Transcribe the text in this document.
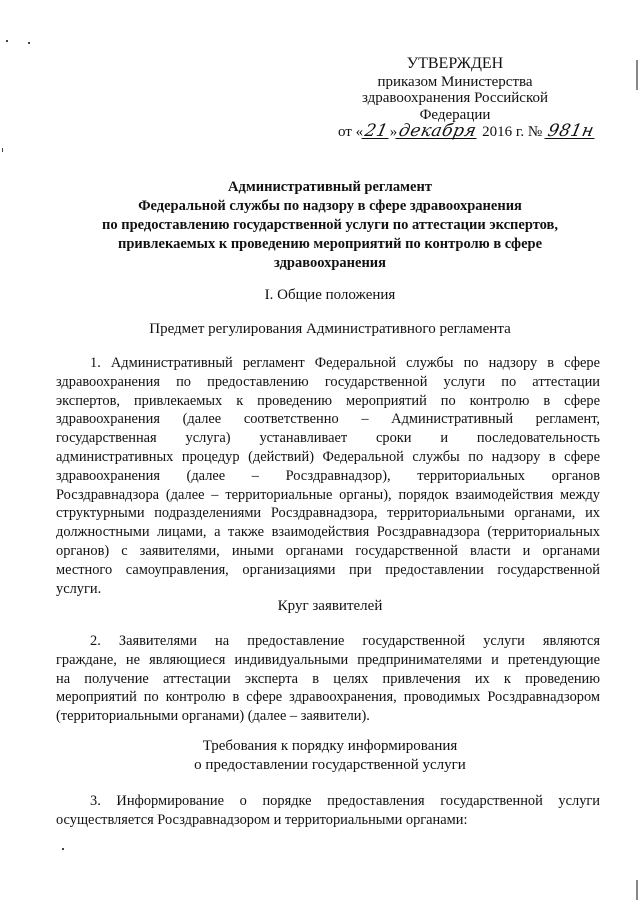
УТВЕРЖДЕН
приказом Министерства
здравоохранения Российской
Федерации
от «21»декабря 2016 г. № 981н
Административный регламент
Федеральной службы по надзору в сфере здравоохранения
по предоставлению государственной услуги по аттестации экспертов,
привлекаемых к проведению мероприятий по контролю в сфере
здравоохранения
I. Общие положения
Предмет регулирования Административного регламента
1. Административный регламент Федеральной службы по надзору в сфере
здравоохранения по предоставлению государственной услуги по аттестации
экспертов, привлекаемых к проведению мероприятий по контролю в сфере
здравоохранения (далее соответственно – Административный регламент,
государственная услуга) устанавливает сроки и последовательность
административных процедур (действий) Федеральной службы по надзору в сфере
здравоохранения (далее – Росздравнадзор), территориальных органов
Росздравнадзора (далее – территориальные органы), порядок взаимодействия между
структурными подразделениями Росздравнадзора, территориальными органами, их
должностными лицами, а также взаимодействия Росздравнадзора (территориальных
органов) с заявителями, иными органами государственной власти и органами
местного самоуправления, организациями при предоставлении государственной
услуги.
Круг заявителей
2. Заявителями на предоставление государственной услуги являются
граждане, не являющиеся индивидуальными предпринимателями и претендующие
на получение аттестации эксперта в целях привлечения их к проведению
мероприятий по контролю в сфере здравоохранения, проводимых Росздравнадзором
(территориальными органами) (далее – заявители).
Требования к порядку информирования
о предоставлении государственной услуги
3. Информирование о порядке предоставления государственной услуги
осуществляется Росздравнадзором и территориальными органами:
